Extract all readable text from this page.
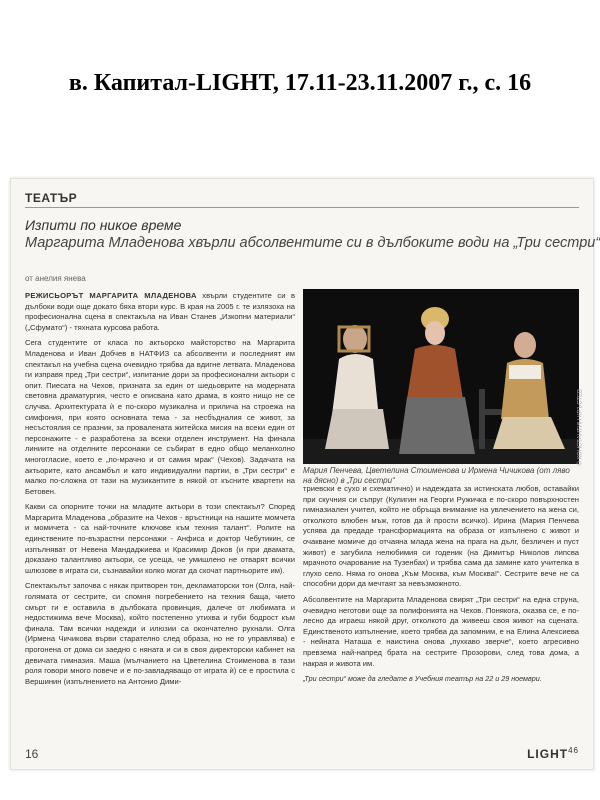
в. Капитал-LIGHT, 17.11-23.11.2007 г., с. 16
ТЕАТЪР
Изпити по никое време
Маргарита Младенова хвърли абсолвентите си в дълбоките води на „Три сестри“
от анелия янева

РЕЖИСЬОРЪТ МАРГАРИТА МЛАДЕНОВА хвърли студентите си в дълбоки води още докато бяха втори курс. В края на 2005 г. те излязоха на професионална сцена в спектакъла на Иван Станев „Изкопни материали“ („Сфумато“) - тяхната курсова работа.

Сега студентите от класа по актьорско майсторство на Маргарита Младенова и Иван Добчев в НАТФИЗ са абсолвенти и последният им спектакъл на учебна сцена очевидно трябва да вдигне летвата. Младенова ги изправя пред „Три сестри“, изпитание дори за професионални актьори с опит. Пиесата на Чехов, призната за един от шедьоврите на модерната световна драматургия, често е описвана като драма, в която нищо не се случва. Архитектурата ѝ е по-скоро музикална и прилича на строежа на симфония, при която основната тема - за несбъдналия се живот, за несъстоялия се празник, за провалената житейска мисия на всеки един от персонажите - е разработена за всеки отделен инструмент. На финала линиите на отделните персонажи се събират в едно общо меланхолно многогласие, което е „по-мрачно и от самия мрак“ (Чехов). Задачата на актьорите, като ансамбъл и като индивидуални партии, в „Три сестри“ е малко по-сложна от тази на музикантите в някой от късните квартети на Бетовен.

Какви са опорните точки на младите актьори в този спектакъл? Според Маргарита Младенова „образите на Чехов - връстници на нашите момчета и момичета - са най-точните ключове към техния талант“. Ролите на единствените по-възрастни персонажи - Анфиса и доктор Чебутикин, се изпълняват от Невена Мандаджиева и Красимир Доков (и при двамата, доказано талантливо актьори, се усеща, че умишлено не отварят всички шлюзове в играта си, съзнавайки колко могат да скочат партньорите им).

Спектакълът започва с някак притворен тон, декламаторски тон (Олга, най-голямата от сестрите, си спомня погребението на техния баща, чието смърт ги е оставила в дълбоката провинция, далече от любимата и недостижима вече Москва), който постепенно утихва и губи бодрост към финала. Там всички надежди и илюзии са окончателно рухнали. Олга (Ирмена Чичикова върви старателно след образа, но не го управлява) е прогонена от дома си заедно с няната и си в своя директорски кабинет на девичата гимназия. Маша (мълчанието на Цветелина Стоименова в тази роля говори много повече и е по-завладяващо от играта ѝ) се е простила с Вершинин (изпълнението на Антонио Дими-

© КОНСТАНТИН КРЪСТЕВ
Мария Пенчева, Цветелина Стоименова и Ирмена Чичикова (от ляво на дясно) в „Три сестри“

триевски е сухо и схематично) и надеждата за истинската любов, оставайки при скучния си съпруг (Кулигин на Георги Ружичка е по-скоро повърхностен гимназиален учител, който не обръща внимание на увлечението на жена си, отколкото влюбен мъж, готов да ѝ прости всичко). Ирина (Мария Пенчева успява да предаде трансформацията на образа от изпълнено с живот и очакване момиче до отчаяна млада жена на прага на дълг, безличен и пуст живот) е загубила нелюбимия си годеник (на Димитър Николов липсва мрачното очарование на Тузенбах) и трябва сама да замине като учителка в глухо село. Няма го онова „Към Москва, към Москва!“. Сестрите вече не са способни дори да мечтаят за невъзможното.

Абсолвентите на Маргарита Младенова свирят „Три сестри“ на една струна, очевидно неготови още за полифонията на Чехов. Понякога, оказва се, е по-лесно да играеш някой друг, отколкото да живееш своя живот на сцената. Единственото изпълнение, което трябва да запомним, е на Елина Алексиева - нейната Наташа е наистина онова „пухкаво зверче“, което агресивно превзема най-напред брата на сестрите Прозорови, след това дома, а накрая и живота им.

„Три сестри“ може да гледате в Учебния театър на 22 и 29 ноември.

16	LIGHT$^{46}$
